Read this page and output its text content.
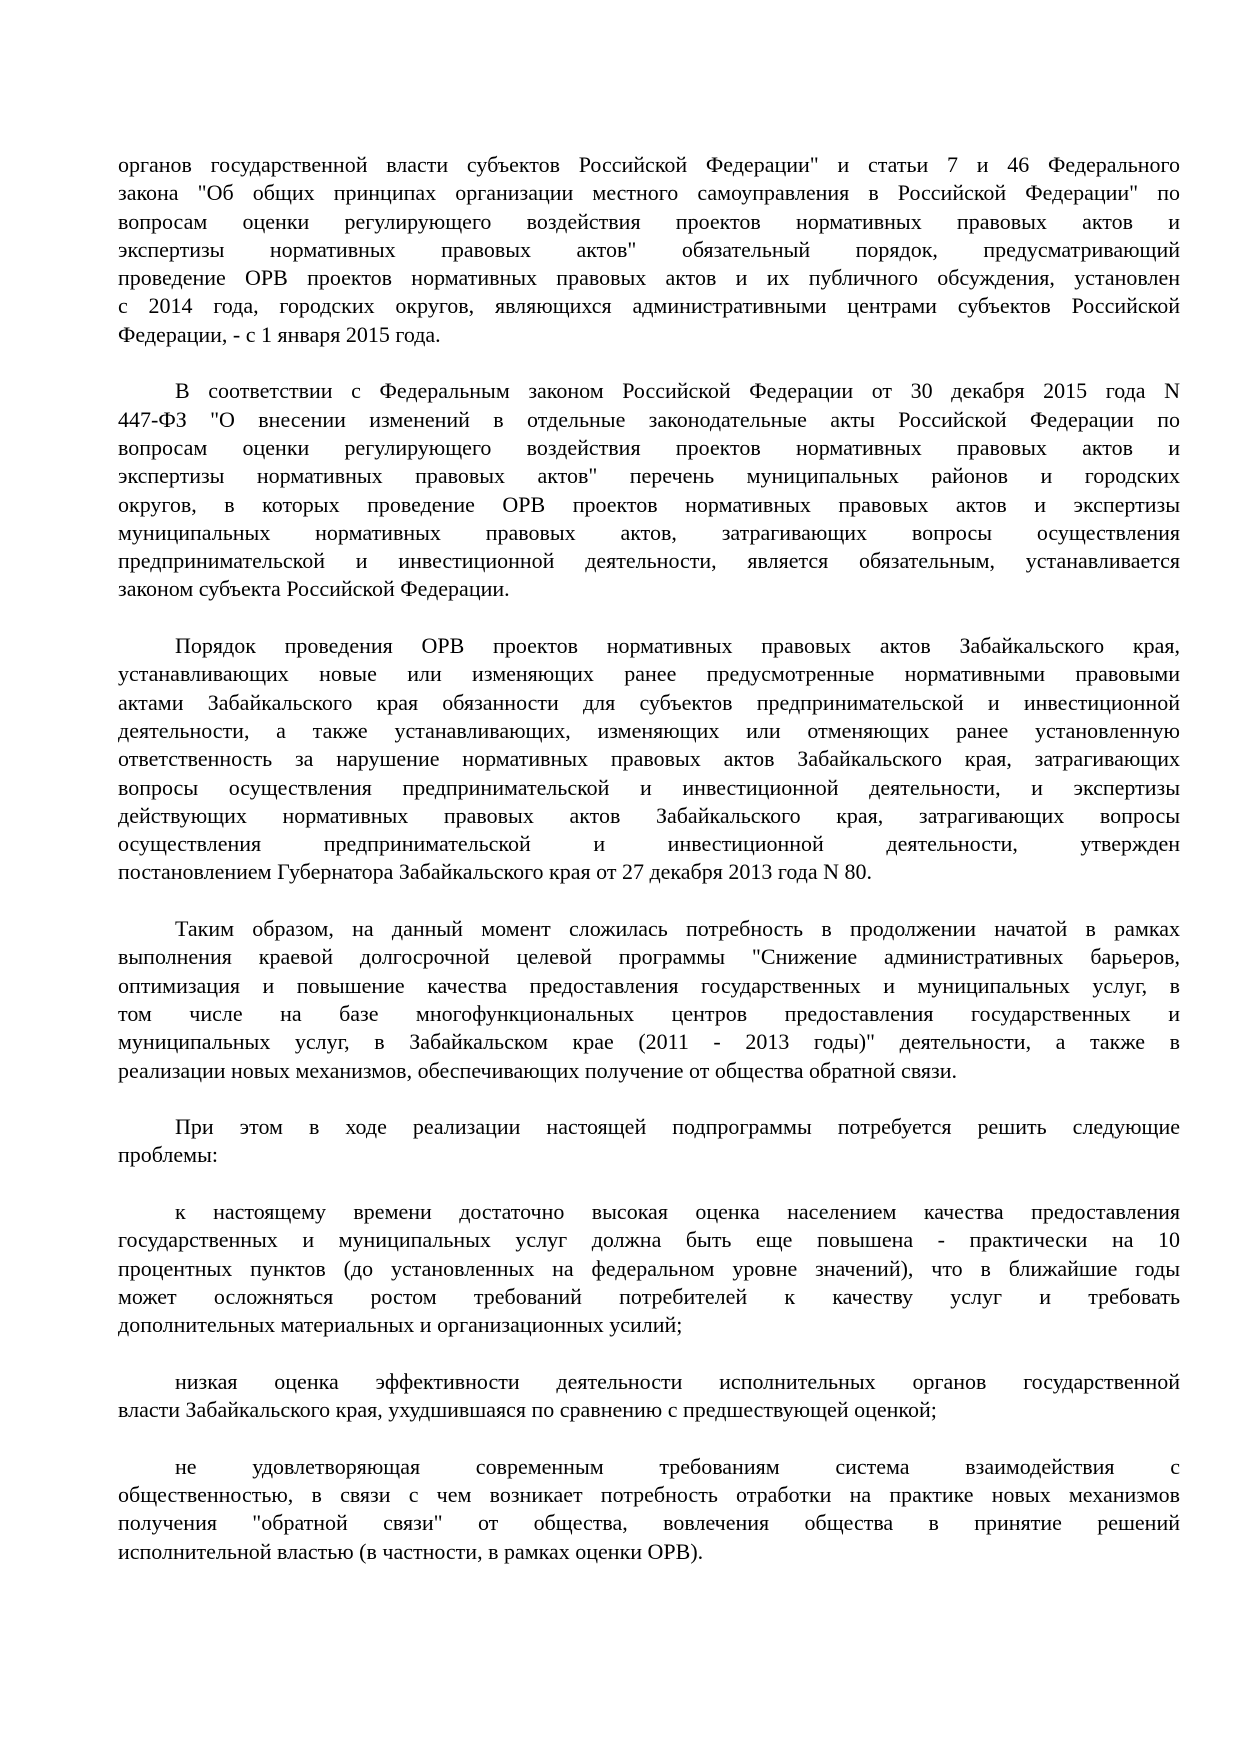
органов государственной власти субъектов Российской Федерации" и статьи 7 и 46 Федерального
закона "Об общих принципах организации местного самоуправления в Российской Федерации" по
вопросам оценки регулирующего воздействия проектов нормативных правовых актов и
экспертизы нормативных правовых актов" обязательный порядок, предусматривающий
проведение ОРВ проектов нормативных правовых актов и их публичного обсуждения, установлен
с 2014 года, городских округов, являющихся административными центрами субъектов Российской
Федерации, - с 1 января 2015 года.
В соответствии с Федеральным законом Российской Федерации от 30 декабря 2015 года N
447-ФЗ "О внесении изменений в отдельные законодательные акты Российской Федерации по
вопросам оценки регулирующего воздействия проектов нормативных правовых актов и
экспертизы нормативных правовых актов" перечень муниципальных районов и городских
округов, в которых проведение ОРВ проектов нормативных правовых актов и экспертизы
муниципальных нормативных правовых актов, затрагивающих вопросы осуществления
предпринимательской и инвестиционной деятельности, является обязательным, устанавливается
законом субъекта Российской Федерации.
Порядок проведения ОРВ проектов нормативных правовых актов Забайкальского края,
устанавливающих новые или изменяющих ранее предусмотренные нормативными правовыми
актами Забайкальского края обязанности для субъектов предпринимательской и инвестиционной
деятельности, а также устанавливающих, изменяющих или отменяющих ранее установленную
ответственность за нарушение нормативных правовых актов Забайкальского края, затрагивающих
вопросы осуществления предпринимательской и инвестиционной деятельности, и экспертизы
действующих нормативных правовых актов Забайкальского края, затрагивающих вопросы
осуществления предпринимательской и инвестиционной деятельности, утвержден
постановлением Губернатора Забайкальского края от 27 декабря 2013 года N 80.
Таким образом, на данный момент сложилась потребность в продолжении начатой в рамках
выполнения краевой долгосрочной целевой программы "Снижение административных барьеров,
оптимизация и повышение качества предоставления государственных и муниципальных услуг, в
том числе на базе многофункциональных центров предоставления государственных и
муниципальных услуг, в Забайкальском крае (2011 - 2013 годы)" деятельности, а также в
реализации новых механизмов, обеспечивающих получение от общества обратной связи.
При этом в ходе реализации настоящей подпрограммы потребуется решить следующие
проблемы:
к настоящему времени достаточно высокая оценка населением качества предоставления
государственных и муниципальных услуг должна быть еще повышена - практически на 10
процентных пунктов (до установленных на федеральном уровне значений), что в ближайшие годы
может осложняться ростом требований потребителей к качеству услуг и требовать
дополнительных материальных и организационных усилий;
низкая оценка эффективности деятельности исполнительных органов государственной
власти Забайкальского края, ухудшившаяся по сравнению с предшествующей оценкой;
не удовлетворяющая современным требованиям система взаимодействия с
общественностью, в связи с чем возникает потребность отработки на практике новых механизмов
получения "обратной связи" от общества, вовлечения общества в принятие решений
исполнительной властью (в частности, в рамках оценки ОРВ).
